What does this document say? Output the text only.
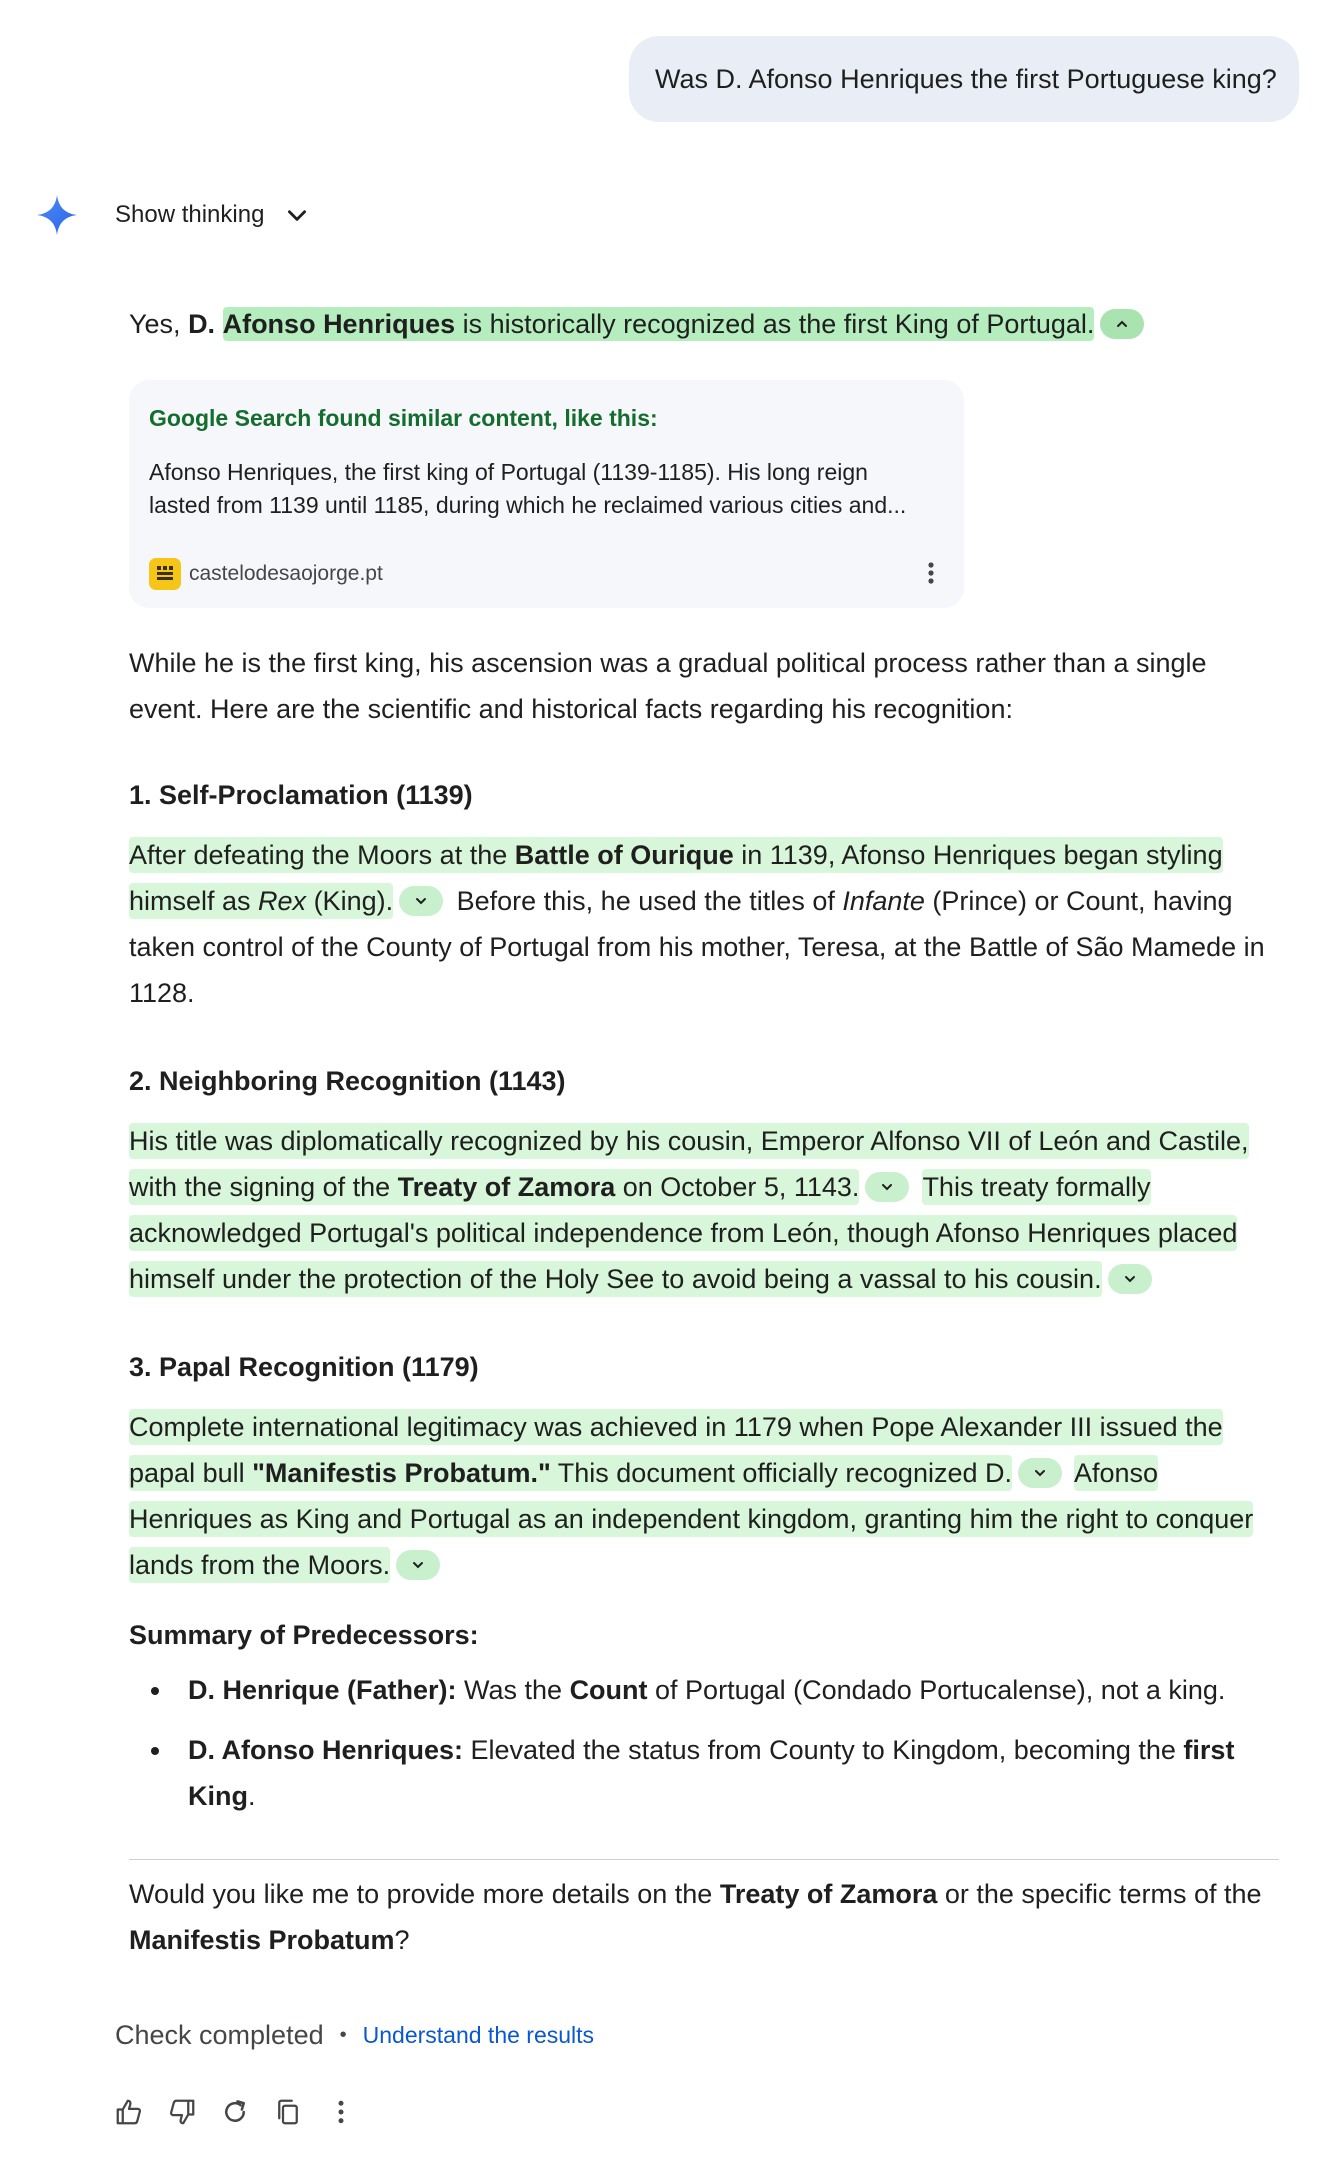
Was D. Afonso Henriques the first Portuguese king?
Show thinking
Yes, D. Afonso Henriques is historically recognized as the first King of Portugal.
Google Search found similar content, like this:
Afonso Henriques, the first king of Portugal (1139-1185). His long reign
lasted from 1139 until 1185, during which he reclaimed various cities and...
castelodesaojorge.pt
While he is the first king, his ascension was a gradual political process rather than a single
event. Here are the scientific and historical facts regarding his recognition:
1. Self-Proclamation (1139)
After defeating the Moors at the Battle of Ourique in 1139, Afonso Henriques began styling
himself as Rex (King). Before this, he used the titles of Infante (Prince) or Count, having
taken control of the County of Portugal from his mother, Teresa, at the Battle of São Mamede in
1128.
2. Neighboring Recognition (1143)
His title was diplomatically recognized by his cousin, Emperor Alfonso VII of León and Castile,
with the signing of the Treaty of Zamora on October 5, 1143. This treaty formally
acknowledged Portugal's political independence from León, though Afonso Henriques placed
himself under the protection of the Holy See to avoid being a vassal to his cousin.
3. Papal Recognition (1179)
Complete international legitimacy was achieved in 1179 when Pope Alexander III issued the
papal bull "Manifestis Probatum." This document officially recognized D. Afonso
Henriques as King and Portugal as an independent kingdom, granting him the right to conquer
lands from the Moors.
Summary of Predecessors:
D. Henrique (Father): Was the Count of Portugal (Condado Portucalense), not a king.
D. Afonso Henriques: Elevated the status from County to Kingdom, becoming the first
King.
Would you like me to provide more details on the Treaty of Zamora or the specific terms of the
Manifestis Probatum?
Check completed • Understand the results
